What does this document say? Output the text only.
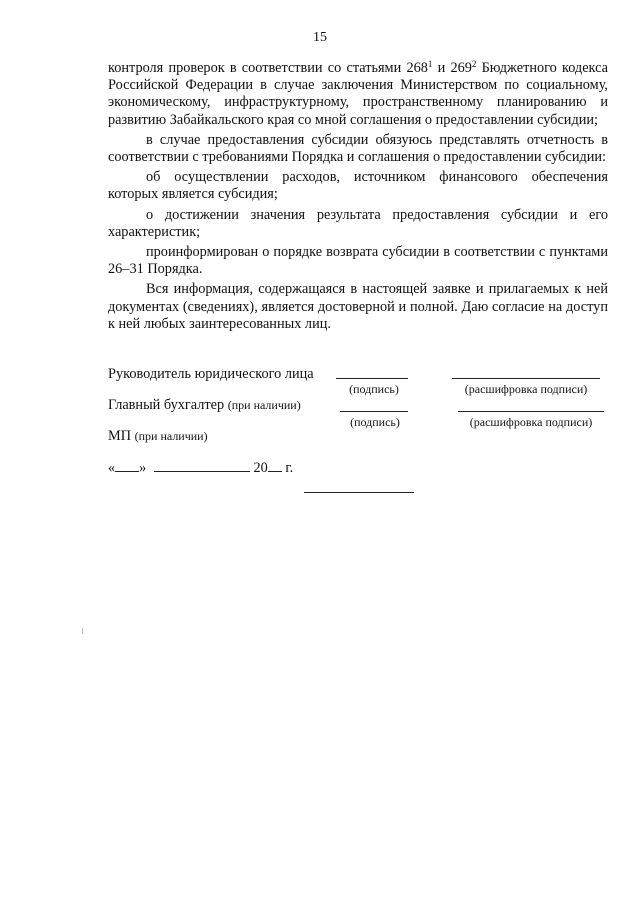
15

контроля проверок в соответствии со статьями $268^1$ и $269^2$ Бюджетного кодекса Российской Федерации в случае заключения Министерством по социальному, экономическому, инфраструктурному, пространственному планированию и развитию Забайкальского края со мной соглашения о предоставлении субсидии;

в случае предоставления субсидии обязуюсь представлять отчетность в соответствии с требованиями Порядка и соглашения о предоставлении субсидии:

об осуществлении расходов, источником финансового обеспечения которых является субсидия;

о достижении значения результата предоставления субсидии и его характеристик;

проинформирован о порядке возврата субсидии в соответствии с пунктами 26–31 Порядка.

Вся информация, содержащаяся в настоящей заявке и прилагаемых к ней документах (сведениях), является достоверной и полной. Даю согласие на доступ к ней любых заинтересованных лиц.

Руководитель юридического лица
(подпись)	(расшифровка подписи)
Главный бухгалтер (при наличии)
(подпись)	(расшифровка подписи)
МП (при наличии)
« »	20 г.
